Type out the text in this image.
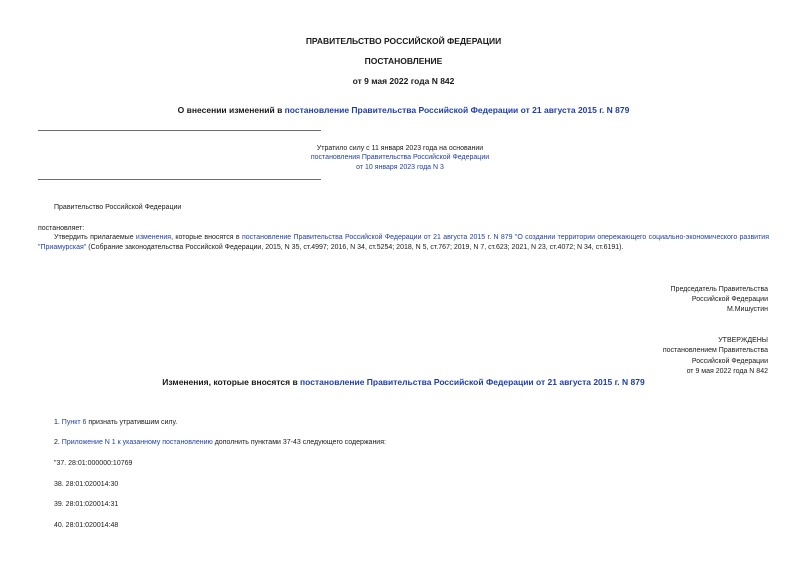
ПРАВИТЕЛЬСТВО РОССИЙСКОЙ ФЕДЕРАЦИИ
ПОСТАНОВЛЕНИЕ
от 9 мая 2022 года N 842
О внесении изменений в постановление Правительства Российской Федерации от 21 августа 2015 г. N 879
Утратило силу с 11 января 2023 года на основании
постановления Правительства Российской Федерации
от 10 января 2023 года N 3
Правительство Российской Федерации
постановляет:
Утвердить прилагаемые изменения, которые вносятся в постановление Правительства Российской Федерации от 21 августа 2015 г. N 879 "О создании территории опережающего социально-экономического развития "Приамурская" (Собрание законодательства Российской Федерации, 2015, N 35, ст.4997; 2016, N 34, ст.5254; 2018, N 5, ст.767; 2019, N 7, ст.623; 2021, N 23, ст.4072; N 34, ст.6191).
Председатель Правительства
Российской Федерации
М.Мишустин
УТВЕРЖДЕНЫ
постановлением Правительства
Российской Федерации
от 9 мая 2022 года N 842
Изменения, которые вносятся в постановление Правительства Российской Федерации от 21 августа 2015 г. N 879
1. Пункт 6 признать утратившим силу.
2. Приложение N 1 к указанному постановлению дополнить пунктами 37-43 следующего содержания:
"37. 28:01:000000:10769
38. 28:01:020014:30
39. 28:01:020014:31
40. 28:01:020014:48
